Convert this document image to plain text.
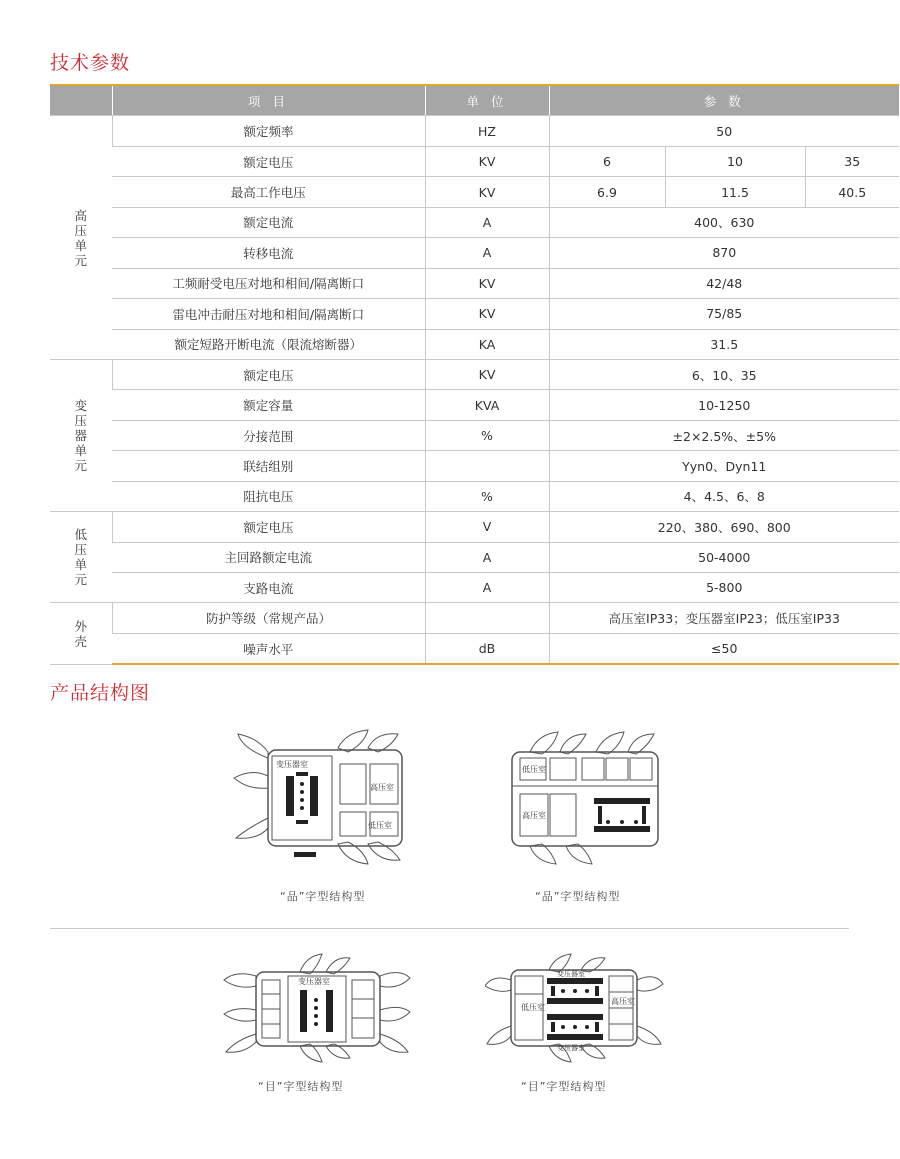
技术参数
	项 目	单 位	参 数		
高压单元	额定频率	HZ	50		
	额定电压	KV	6	10	35
	最高工作电压	KV	6.9	11.5	40.5
	额定电流	A	400、630		
	转移电流	A	870		
	工频耐受电压对地和相间/隔离断口	KV	42/48		
	雷电冲击耐压对地和相间/隔离断口	KV	75/85		
	额定短路开断电流（限流熔断器）	KA	31.5		
变压器单元	额定电压	KV	6、10、35		
	额定容量	KVA	10-1250		
	分接范围	%	±2×2.5%、±5%		
	联结组别		Yyn0、Dyn11		
	阻抗电压	%	4、4.5、6、8		
低压单元	额定电压	V	220、380、690、800		
	主回路额定电流	A	50-4000		
	支路电流	A	5-800		
外壳	防护等级（常规产品）		高压室IP33；变压器室IP23；低压室IP33		
	噪声水平	dB	≤50		
产品结构图
变压器室
高压室
低压室
“品”字型结构型
低压室
高压室
“品”字型结构型
变压器室
“目”字型结构型
变压器室
低压室
高压室
变压器室
“目”字型结构型
